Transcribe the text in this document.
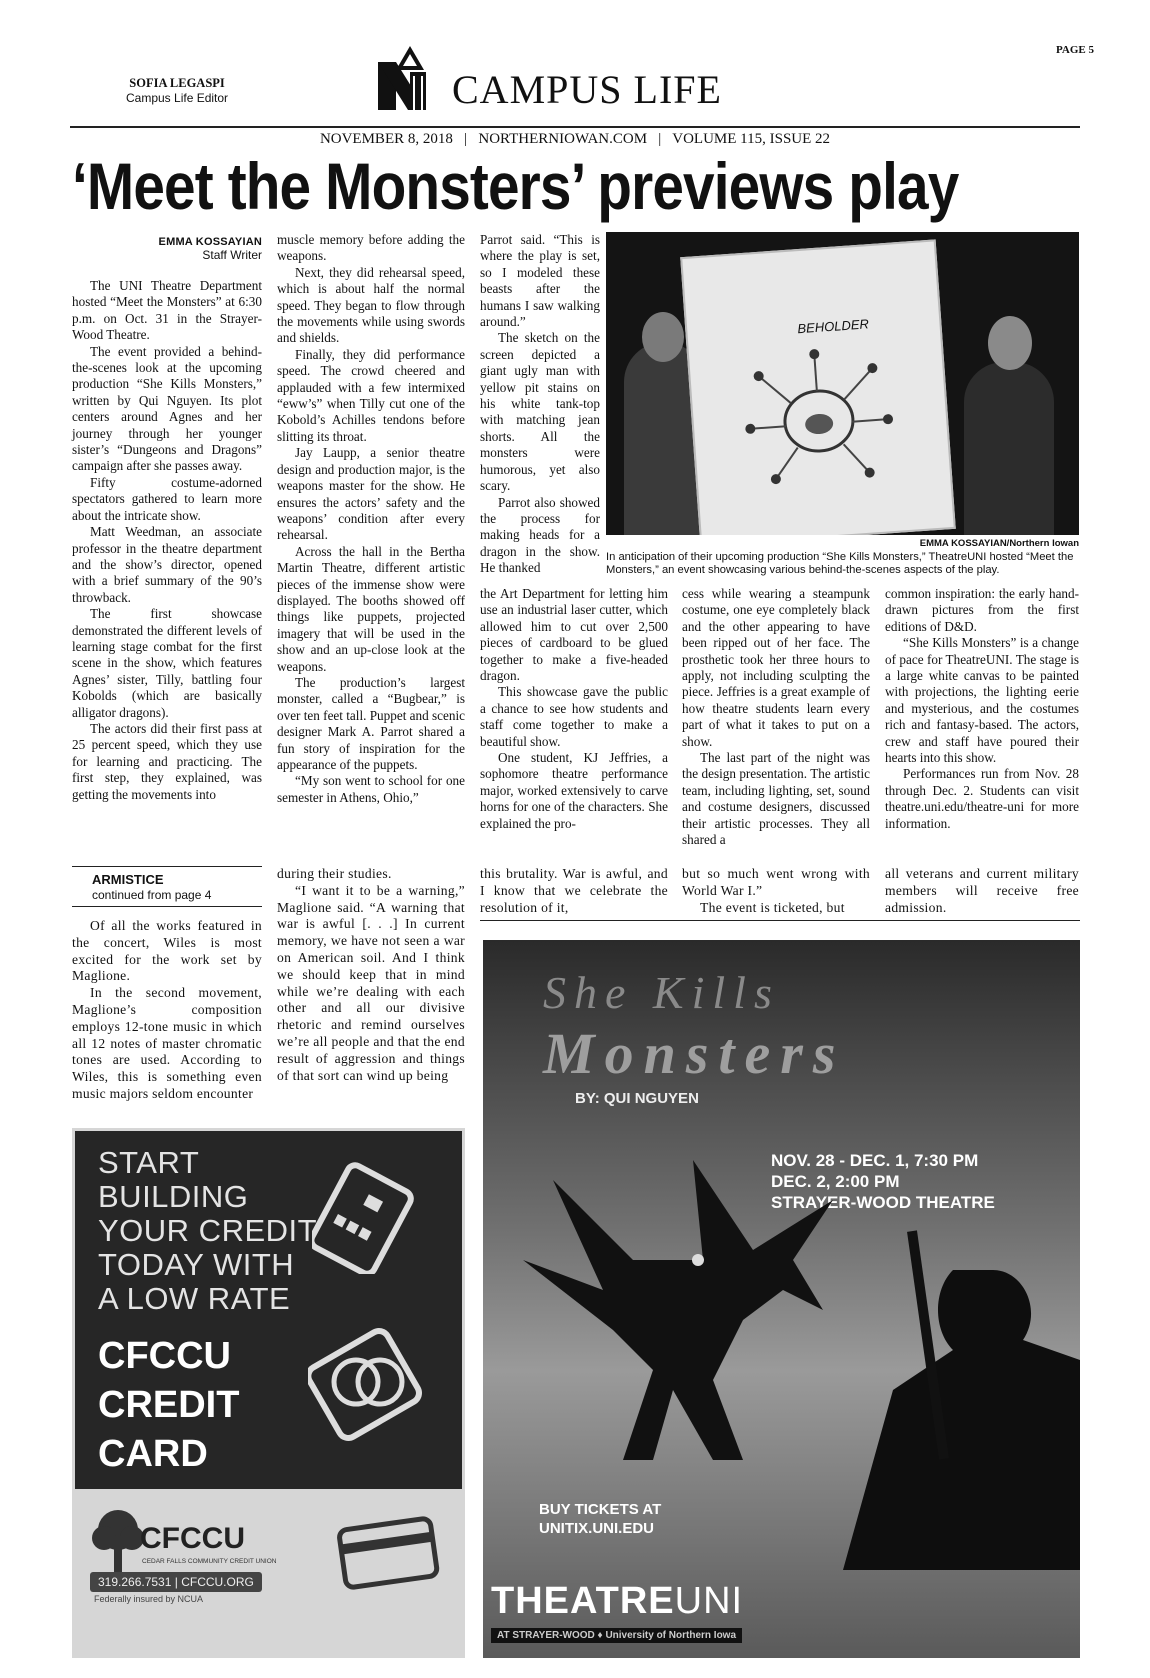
PAGE 5
SOFIA LEGASPI
Campus Life Editor	CAMPUS LIFE
NOVEMBER 8, 2018   |   NORTHERNIOWAN.COM   |   VOLUME 115, ISSUE 22
‘Meet the Monsters’ previews play
EMMA KOSSAYIAN
Staff Writer

The UNI Theatre Department hosted “Meet the Monsters” at 6:30 p.m. on Oct. 31 in the Strayer-Wood Theatre.

The event provided a behind-the-scenes look at the upcoming production “She Kills Monsters,” written by Qui Nguyen. Its plot centers around Agnes and her journey through her younger sister’s “Dungeons and Dragons” campaign after she passes away.

Fifty costume-adorned spectators gathered to learn more about the intricate show.

Matt Weedman, an associate professor in the theatre department and the show’s director, opened with a brief summary of the 90’s throwback.

The first showcase demonstrated the different levels of learning stage combat for the first scene in the show, which features Agnes’ sister, Tilly, battling four Kobolds (which are basically alligator dragons).

The actors did their first pass at 25 percent speed, which they use for learning and practicing. The first step, they explained, was getting the movements into

muscle memory before adding the weapons.

Next, they did rehearsal speed, which is about half the normal speed. They began to flow through the movements while using swords and shields.

Finally, they did performance speed. The crowd cheered and applauded with a few intermixed “eww’s” when Tilly cut one of the Kobold’s Achilles tendons before slitting its throat.

Jay Laupp, a senior theatre design and production major, is the weapons master for the show. He ensures the actors’ safety and the weapons’ condition after every rehearsal.

Across the hall in the Bertha Martin Theatre, different artistic pieces of the immense show were displayed. The booths showed off things like puppets, projected imagery that will be used in the show and an up-close look at the weapons.

The production’s largest monster, called a “Bugbear,” is over ten feet tall. Puppet and scenic designer Mark A. Parrot shared a fun story of inspiration for the appearance of the puppets.

“My son went to school for one semester in Athens, Ohio,”

Parrot said. “This is where the play is set, so I modeled these beasts after the humans I saw walking around.”

The sketch on the screen depicted a giant ugly man with yellow pit stains on his white tank-top with matching jean shorts. All the monsters were humorous, yet also scary.

Parrot also showed the process for making heads for a dragon in the show. He thanked

BEHOLDER
EMMA KOSSAYIAN/Northern Iowan
In anticipation of their upcoming production “She Kills Monsters,” TheatreUNI hosted “Meet the Monsters,” an event showcasing various behind-the-scenes aspects of the play.

the Art Department for letting him use an industrial laser cutter, which allowed him to cut over 2,500 pieces of cardboard to be glued together to make a five-headed dragon.

This showcase gave the public a chance to see how students and staff come together to make a beautiful show.

One student, KJ Jeffries, a sophomore theatre performance major, worked extensively to carve horns for one of the characters. She explained the pro-

cess while wearing a steampunk costume, one eye completely black and the other appearing to have been ripped out of her face. The prosthetic took her three hours to apply, not including sculpting the piece. Jeffries is a great example of how theatre students learn every part of what it takes to put on a show.

The last part of the night was the design presentation. The artistic team, including lighting, set, sound and costume designers, discussed their artistic processes. They all shared a

common inspiration: the early hand-drawn pictures from the first editions of D&D.

“She Kills Monsters” is a change of pace for TheatreUNI. The stage is a large white canvas to be painted with projections, the lighting eerie and mysterious, and the costumes rich and fantasy-based. The actors, crew and staff have poured their hearts into this show.

Performances run from Nov. 28 through Dec. 2. Students can visit theatre.uni.edu/theatre-uni for more information.

ARMISTICE
continued from page 4

Of all the works featured in the concert, Wiles is most excited for the work set by Maglione.

In the second movement, Maglione’s composition employs 12-tone music in which all 12 notes of master chromatic tones are used. According to Wiles, this is something even music majors seldom encounter

during their studies.

“I want it to be a warning,” Maglione said. “A warning that war is awful [. . .] In current memory, we have not seen a war on American soil. And I think we should keep that in mind while we’re dealing with each other and all our divisive rhetoric and remind ourselves we’re all people and that the end result of aggression and things of that sort can wind up being

this brutality. War is awful, and I know that we celebrate the resolution of it,

but so much went wrong with World War I.”

The event is ticketed, but

all veterans and current military members will receive free admission.

START
BUILDING
YOUR CREDIT
TODAY WITH
A LOW RATE
CFCCU
CREDIT
CARD
CFCCU
CEDAR FALLS COMMUNITY CREDIT UNION
319.266.7531 | CFCCU.ORG
Federally insured by NCUA
She Kills
Monsters
BY: QUI NGUYEN
NOV. 28 - DEC. 1, 7:30 PM
DEC. 2, 2:00 PM
STRAYER-WOOD THEATRE
BUY TICKETS AT
UNITIX.UNI.EDU
THEATREUNI
AT STRAYER-WOOD ♦ University of Northern Iowa
